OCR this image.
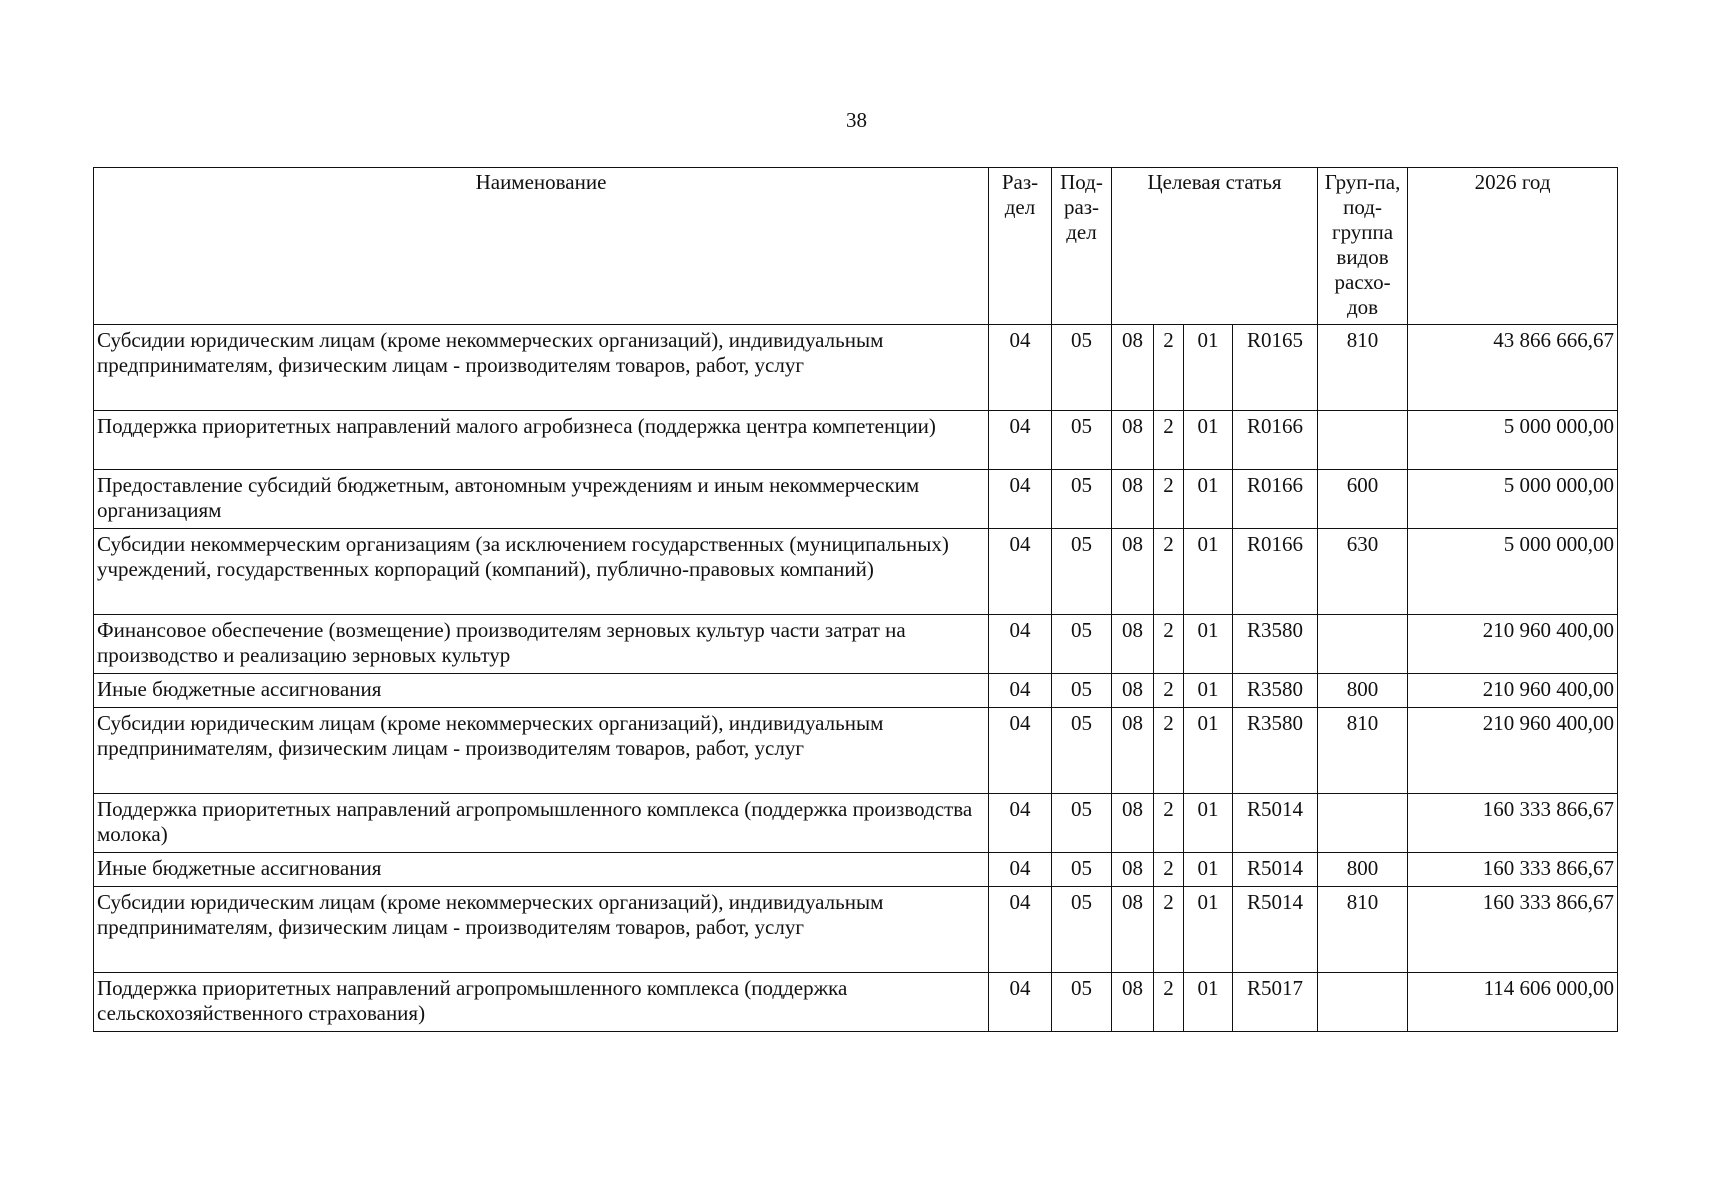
38
Наименование	Раз-дел	Под-раз-дел	Целевая статья				Груп-па, под-группа видов расхо-дов	2026 год
Субсидии юридическим лицам (кроме некоммерческих организаций), индивидуальным предпринимателям, физическим лицам - производителям товаров, работ, услуг	04	05	08	2	01	R0165	810	43 866 666,67
Поддержка приоритетных направлений малого агробизнеса (поддержка центра компетенции)	04	05	08	2	01	R0166		5 000 000,00
Предоставление субсидий бюджетным, автономным учреждениям и иным некоммерческим организациям	04	05	08	2	01	R0166	600	5 000 000,00
Субсидии некоммерческим организациям (за исключением государственных (муниципальных) учреждений, государственных корпораций (компаний), публично-правовых компаний)	04	05	08	2	01	R0166	630	5 000 000,00
Финансовое обеспечение (возмещение) производителям зерновых культур части затрат на производство и реализацию зерновых культур	04	05	08	2	01	R3580		210 960 400,00
Иные бюджетные ассигнования	04	05	08	2	01	R3580	800	210 960 400,00
Субсидии юридическим лицам (кроме некоммерческих организаций), индивидуальным предпринимателям, физическим лицам - производителям товаров, работ, услуг	04	05	08	2	01	R3580	810	210 960 400,00
Поддержка приоритетных направлений агропромышленного комплекса (поддержка производства молока)	04	05	08	2	01	R5014		160 333 866,67
Иные бюджетные ассигнования	04	05	08	2	01	R5014	800	160 333 866,67
Субсидии юридическим лицам (кроме некоммерческих организаций), индивидуальным предпринимателям, физическим лицам - производителям товаров, работ, услуг	04	05	08	2	01	R5014	810	160 333 866,67
Поддержка приоритетных направлений агропромышленного комплекса (поддержка сельскохозяйственного страхования)	04	05	08	2	01	R5017		114 606 000,00
